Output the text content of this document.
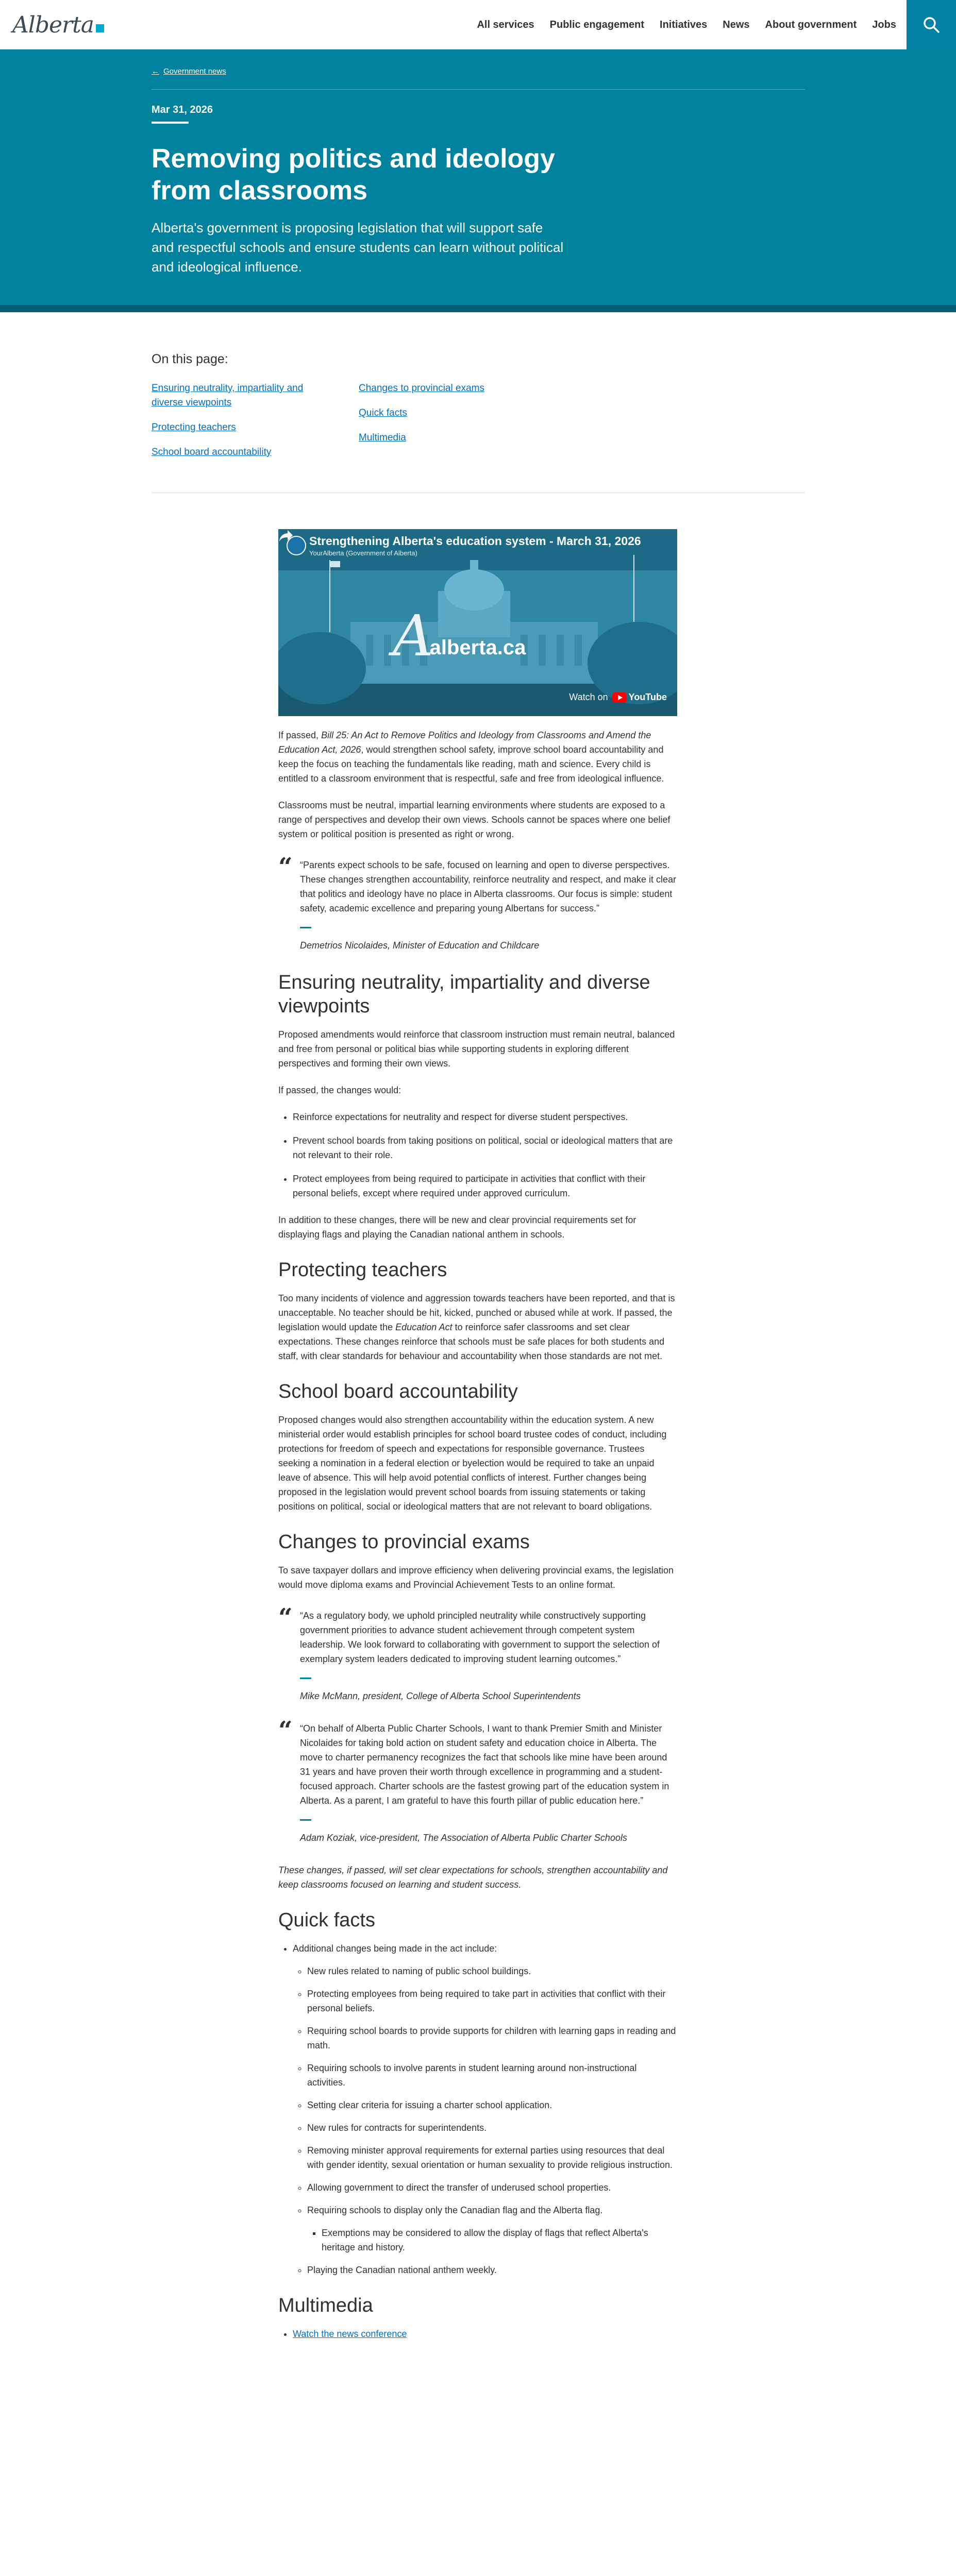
Alberta	All services Public engagement Initiatives News About government Jobs
← Government news
Mar 31, 2026
Removing politics and ideology from classrooms

Alberta's government is proposing legislation that will support safe and respectful schools and ensure students can learn without political and ideological influence.

On this page:
Ensuring neutrality, impartiality and diverse viewpoints
Protecting teachers
School board accountability
Changes to provincial exams
Quick facts
Multimedia
A
Strengthening Alberta's education system - March 31, 2026
YourAlberta (Government of Alberta)
alberta.ca
Watch on YouTube

If passed, Bill 25: An Act to Remove Politics and Ideology from Classrooms and Amend the Education Act, 2026, would strengthen school safety, improve school board accountability and keep the focus on teaching the fundamentals like reading, math and science. Every child is entitled to a classroom environment that is respectful, safe and free from ideological influence.

Classrooms must be neutral, impartial learning environments where students are exposed to a range of perspectives and develop their own views. Schools cannot be spaces where one belief system or political position is presented as right or wrong.

“ “Parents expect schools to be safe, focused on learning and open to diverse perspectives. These changes strengthen accountability, reinforce neutrality and respect, and make it clear that politics and ideology have no place in Alberta classrooms. Our focus is simple: student safety, academic excellence and preparing young Albertans for success.”

Demetrios Nicolaides, Minister of Education and Childcare

Ensuring neutrality, impartiality and diverse viewpoints

Proposed amendments would reinforce that classroom instruction must remain neutral, balanced and free from personal or political bias while supporting students in exploring different perspectives and forming their own views.

If passed, the changes would:

• Reinforce expectations for neutrality and respect for diverse student perspectives.
• Prevent school boards from taking positions on political, social or ideological matters that are not relevant to their role.
• Protect employees from being required to participate in activities that conflict with their personal beliefs, except where required under approved curriculum.

In addition to these changes, there will be new and clear provincial requirements set for displaying flags and playing the Canadian national anthem in schools.

Protecting teachers

Too many incidents of violence and aggression towards teachers have been reported, and that is unacceptable. No teacher should be hit, kicked, punched or abused while at work. If passed, the legislation would update the Education Act to reinforce safer classrooms and set clear expectations. These changes reinforce that schools must be safe places for both students and staff, with clear standards for behaviour and accountability when those standards are not met.

School board accountability

Proposed changes would also strengthen accountability within the education system. A new ministerial order would establish principles for school board trustee codes of conduct, including protections for freedom of speech and expectations for responsible governance. Trustees seeking a nomination in a federal election or byelection would be required to take an unpaid leave of absence. This will help avoid potential conflicts of interest. Further changes being proposed in the legislation would prevent school boards from issuing statements or taking positions on political, social or ideological matters that are not relevant to board obligations.

Changes to provincial exams

To save taxpayer dollars and improve efficiency when delivering provincial exams, the legislation would move diploma exams and Provincial Achievement Tests to an online format.

“ “As a regulatory body, we uphold principled neutrality while constructively supporting government priorities to advance student achievement through competent system leadership. We look forward to collaborating with government to support the selection of exemplary system leaders dedicated to improving student learning outcomes.”

Mike McMann, president, College of Alberta School Superintendents

“ “On behalf of Alberta Public Charter Schools, I want to thank Premier Smith and Minister Nicolaides for taking bold action on student safety and education choice in Alberta. The move to charter permanency recognizes the fact that schools like mine have been around 31 years and have proven their worth through excellence in programming and a student-focused approach. Charter schools are the fastest growing part of the education system in Alberta. As a parent, I am grateful to have this fourth pillar of public education here.”

Adam Koziak, vice-president, The Association of Alberta Public Charter Schools

These changes, if passed, will set clear expectations for schools, strengthen accountability and keep classrooms focused on learning and student success.

Quick facts
• Additional changes being made in the act include:
◦ New rules related to naming of public school buildings.
◦ Protecting employees from being required to take part in activities that conflict with their personal beliefs.
◦ Requiring school boards to provide supports for children with learning gaps in reading and math.
◦ Requiring schools to involve parents in student learning around non-instructional activities.
◦ Setting clear criteria for issuing a charter school application.
◦ New rules for contracts for superintendents.
◦ Removing minister approval requirements for external parties using resources that deal with gender identity, sexual orientation or human sexuality to provide religious instruction.
◦ Allowing government to direct the transfer of underused school properties.
◦ Requiring schools to display only the Canadian flag and the Alberta flag.
▪ Exemptions may be considered to allow the display of flags that reflect Alberta's heritage and history.
◦ Playing the Canadian national anthem weekly.
Multimedia
• Watch the news conference
